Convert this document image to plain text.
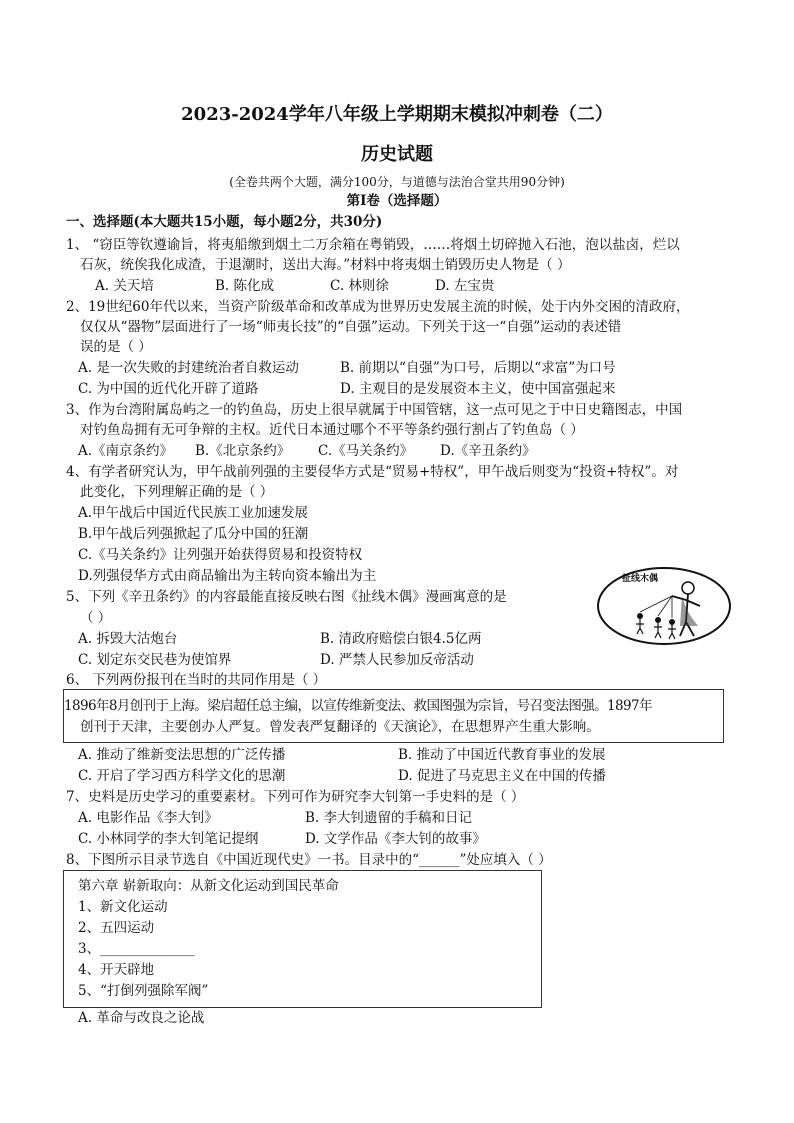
2023-2024学年八年级上学期期末模拟冲刺卷（二）
历史试题
(全卷共两个大题，满分100分，与道德与法治合堂共用90分钟)
第Ⅰ卷（选择题）
一、选择题(本大题共15小题，每小题2分，共30分)
1、 “窃臣等钦遵谕旨，将夷船缴到烟土二万余箱在粤销毁，……将烟土切碎抛入石池，泡以盐卤，烂以
石灰，统俟我化成渣，于退潮时，送出大海。”材料中将夷烟土销毁历史人物是（ ）
A. 关天培	B. 陈化成	C. 林则徐	D. 左宝贵
2、19世纪60年代以来，当资产阶级革命和改革成为世界历史发展主流的时候，处于内外交困的清政府，
仅仅从“器物”层面进行了一场“师夷长技”的“自强”运动。下列关于这一“自强”运动的表述错
误的是（ ）
A. 是一次失败的封建统治者自救运动	B. 前期以“自强”为口号，后期以“求富”为口号
C. 为中国的近代化开辟了道路	D. 主观目的是发展资本主义，使中国富强起来
3、作为台湾附属岛屿之一的钓鱼岛，历史上很早就属于中国管辖，这一点可见之于中日史籍图志，中国
对钓鱼岛拥有无可争辩的主权。近代日本通过哪个不平等条约强行割占了钓鱼岛（ ）
A.《南京条约》 B.《北京条约》 C.《马关条约》 D.《辛丑条约》
4、有学者研究认为，甲午战前列强的主要侵华方式是“贸易+特权”，甲午战后则变为“投资+特权”。对
此变化，下列理解正确的是（ ）
A.甲午战后中国近代民族工业加速发展
B.甲午战后列强掀起了瓜分中国的狂潮
C.《马关条约》让列强开始获得贸易和投资特权
D.列强侵华方式由商品输出为主转向资本输出为主
5、下列《辛丑条约》的内容最能直接反映右图《扯线木偶》漫画寓意的是
（ ）
A. 拆毁大沽炮台	B. 清政府赔偿白银4.5亿两
C. 划定东交民巷为使馆界	D. 严禁人民参加反帝活动
扯线木偶
6、 下列两份报刊在当时的共同作用是（ ）
1896年8月创刊于上海。梁启超任总主编，以宣传维新变法、救国图强为宗旨，号召变法图强。1897年
创刊于天津，主要创办人严复。曾发表严复翻译的《天演论》，在思想界产生重大影响。
A. 推动了维新变法思想的广泛传播	B. 推动了中国近代教育事业的发展
C. 开启了学习西方科学文化的思潮	D. 促进了马克思主义在中国的传播
7、史料是历史学习的重要素材。下列可作为研究李大钊第一手史料的是（ ）
A. 电影作品《李大钊》	B. 李大钊遗留的手稿和日记
C. 小林同学的李大钊笔记提纲	D. 文学作品《李大钊的故事》
8、下图所示目录节选自《中国近现代史》一书。目录中的“______”处应填入（ ）
第六章 崭新取向：从新文化运动到国民革命
1、新文化运动
2、五四运动
3、______________
4、开天辟地
5、“打倒列强除军阀”
A. 革命与改良之论战
